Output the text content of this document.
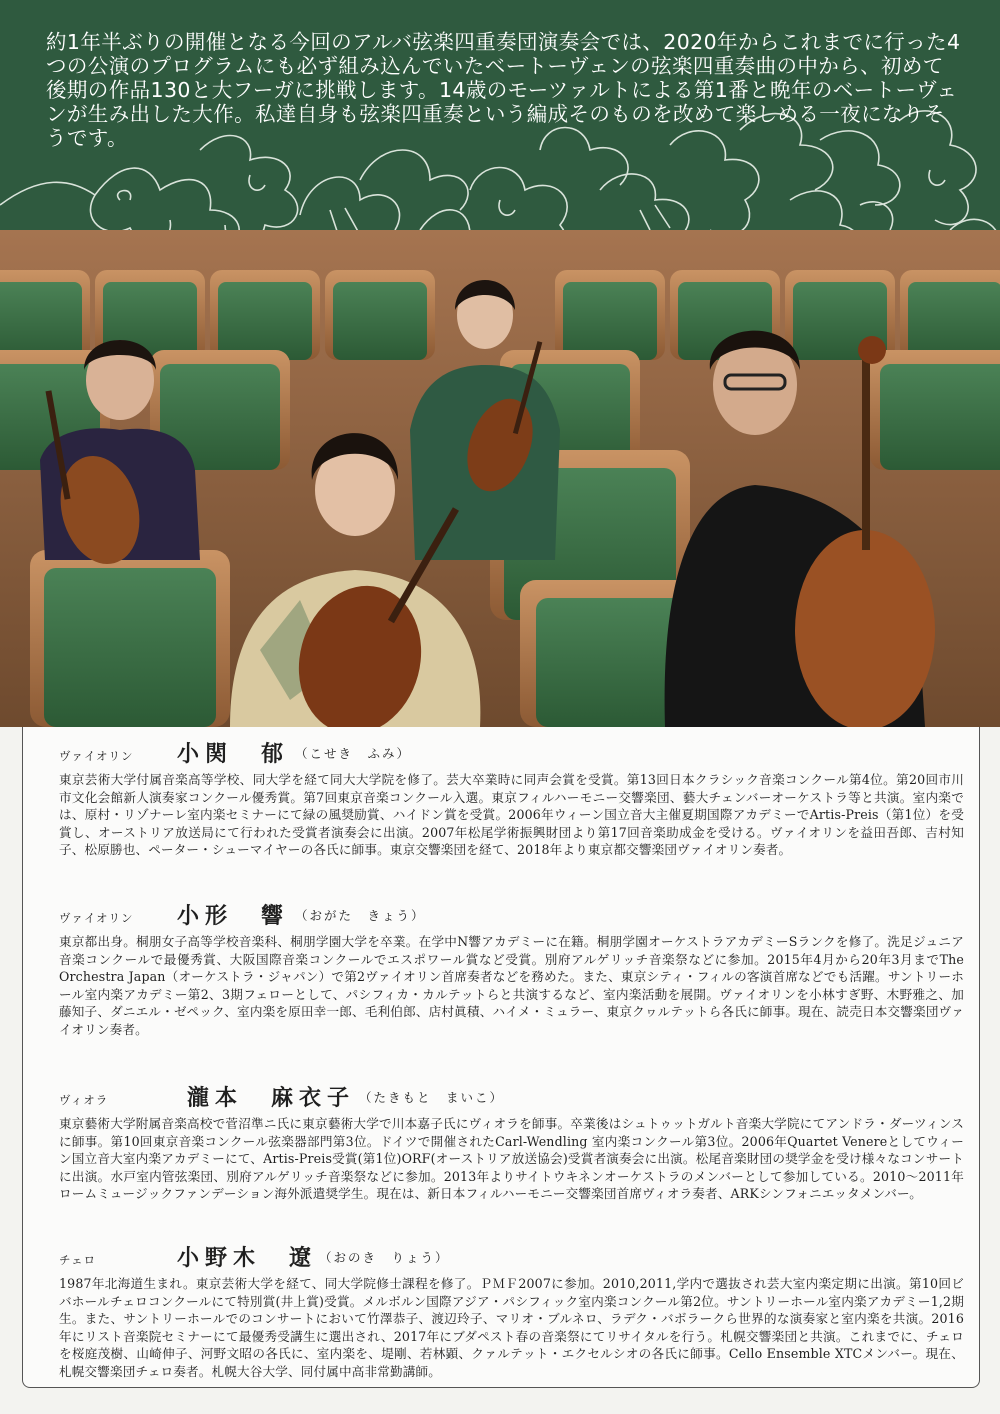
約1年半ぶりの開催となる今回のアルバ弦楽四重奏団演奏会では、2020年からこれまでに行った4つの公演のプログラムにも必ず組み込んでいたベートーヴェンの弦楽四重奏曲の中から、初めて後期の作品130と大フーガに挑戦します。14歳のモーツァルトによる第1番と晩年のベートーヴェンが生み出した大作。私達自身も弦楽四重奏という編成そのものを改めて楽しめる一夜になりそうです。
ヴァイオリン 小関　郁 （こせき　ふみ）

東京芸術大学付属音楽高等学校、同大学を経て同大大学院を修了。芸大卒業時に同声会賞を受賞。第13回日本クラシック音楽コンクール第4位。第20回市川市文化会館新人演奏家コンクール優秀賞。第7回東京音楽コンクール入選。東京フィルハーモニー交響楽団、藝大チェンバーオーケストラ等と共演。室内楽では、原村・リゾナーレ室内楽セミナーにて緑の風奨励賞、ハイドン賞を受賞。2006年ウィーン国立音大主催夏期国際アカデミーでArtis-Preis（第1位）を受賞し、オーストリア放送局にて行われた受賞者演奏会に出演。2007年松尾学術振興財団より第17回音楽助成金を受ける。ヴァイオリンを益田吾郎、吉村知子、松原勝也、ペーター・シューマイヤーの各氏に師事。東京交響楽団を経て、2018年より東京都交響楽団ヴァイオリン奏者。

ヴァイオリン 小形　響 （おがた　きょう）

東京都出身。桐朋女子高等学校音楽科、桐朋学園大学を卒業。在学中N響アカデミーに在籍。桐朋学園オーケストラアカデミーSランクを修了。洗足ジュニア音楽コンクールで最優秀賞、大阪国際音楽コンクールでエスポワール賞など受賞。別府アルゲリッチ音楽祭などに参加。2015年4月から20年3月までThe Orchestra Japan（オーケストラ・ジャパン）で第2ヴァイオリン首席奏者などを務めた。また、東京シティ・フィルの客演首席などでも活躍。サントリーホール室内楽アカデミー第2、3期フェローとして、パシフィカ・カルテットらと共演するなど、室内楽活動を展開。ヴァイオリンを小林すぎ野、木野雅之、加藤知子、ダニエル・ゼペック、室内楽を原田幸一郎、毛利伯郎、店村眞積、ハイメ・ミュラー、東京クヮルテットら各氏に師事。現在、読売日本交響楽団ヴァイオリン奏者。

ヴィオラ	瀧本　麻衣子 （たきもと　まいこ）

東京藝術大学附属音楽高校で菅沼準ニ氏に東京藝術大学で川本嘉子氏にヴィオラを師事。卒業後はシュトゥットガルト音楽大学院にてアンドラ・ダーツィンスに師事。第10回東京音楽コンクール弦楽器部門第3位。ドイツで開催されたCarl-Wendling 室内楽コンクール第3位。2006年Quartet Venereとしてウィーン国立音大室内楽アカデミーにて、Artis-Preis受賞(第1位)ORF(オーストリア放送協会)受賞者演奏会に出演。松尾音楽財団の奨学金を受け様々なコンサートに出演。水戸室内管弦楽団、別府アルゲリッチ音楽祭などに参加。2013年よりサイトウキネンオーケストラのメンバーとして参加している。2010～2011年ロームミュージックファンデーション海外派遣奨学生。現在は、新日本フィルハーモニー交響楽団首席ヴィオラ奏者、ARKシンフォニエッタメンバー。

チェロ	小野木　遼 （おのき　りょう）

1987年北海道生まれ。東京芸術大学を経て、同大学院修士課程を修了。ＰＭＦ2007に参加。2010,2011,学内で選抜され芸大室内楽定期に出演。第10回ビバホールチェロコンクールにて特別賞(井上賞)受賞。メルボルン国際アジア・パシフィック室内楽コンクール第2位。サントリーホール室内楽アカデミー1,2期生。また、サントリーホールでのコンサートにおいて竹澤恭子、渡辺玲子、マリオ・ブルネロ、ラデク・バボラークら世界的な演奏家と室内楽を共演。2016年にリスト音楽院セミナーにて最優秀受講生に選出され、2017年にブダペスト春の音楽祭にてリサイタルを行う。札幌交響楽団と共演。これまでに、チェロを桜庭茂樹、山崎伸子、河野文昭の各氏に、室内楽を、堤剛、若林顕、クァルテット・エクセルシオの各氏に師事。Cello Ensemble XTCメンバー。現在、札幌交響楽団チェロ奏者。札幌大谷大学、同付属中高非常勤講師。
